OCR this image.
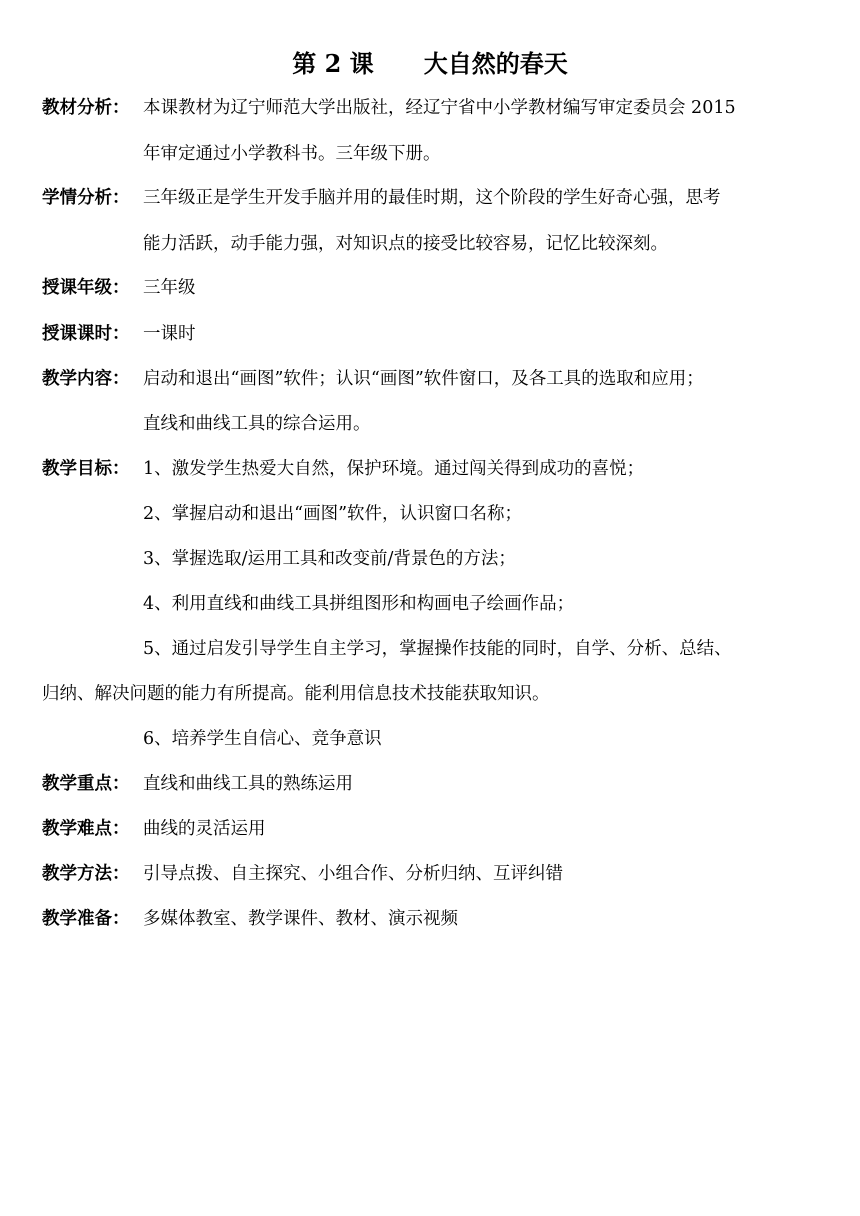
第 2 课      大自然的春天
教材分析： 本课教材为辽宁师范大学出版社，经辽宁省中小学教材编写审定委员会 2015
年审定通过小学教科书。三年级下册。
学情分析： 三年级正是学生开发手脑并用的最佳时期，这个阶段的学生好奇心强，思考
能力活跃，动手能力强，对知识点的接受比较容易，记忆比较深刻。
授课年级： 三年级
授课课时： 一课时
教学内容： 启动和退出“画图”软件；认识“画图”软件窗口，及各工具的选取和应用；
直线和曲线工具的综合运用。
教学目标： 1、激发学生热爱大自然，保护环境。通过闯关得到成功的喜悦；
2、掌握启动和退出“画图”软件，认识窗口名称；
3、掌握选取/运用工具和改变前/背景色的方法；
4、利用直线和曲线工具拼组图形和构画电子绘画作品；
5、通过启发引导学生自主学习，掌握操作技能的同时，自学、分析、总结、
归纳、解决问题的能力有所提高。能利用信息技术技能获取知识。
6、培养学生自信心、竞争意识
教学重点： 直线和曲线工具的熟练运用
教学难点： 曲线的灵活运用
教学方法： 引导点拨、自主探究、小组合作、分析归纳、互评纠错
教学准备： 多媒体教室、教学课件、教材、演示视频
